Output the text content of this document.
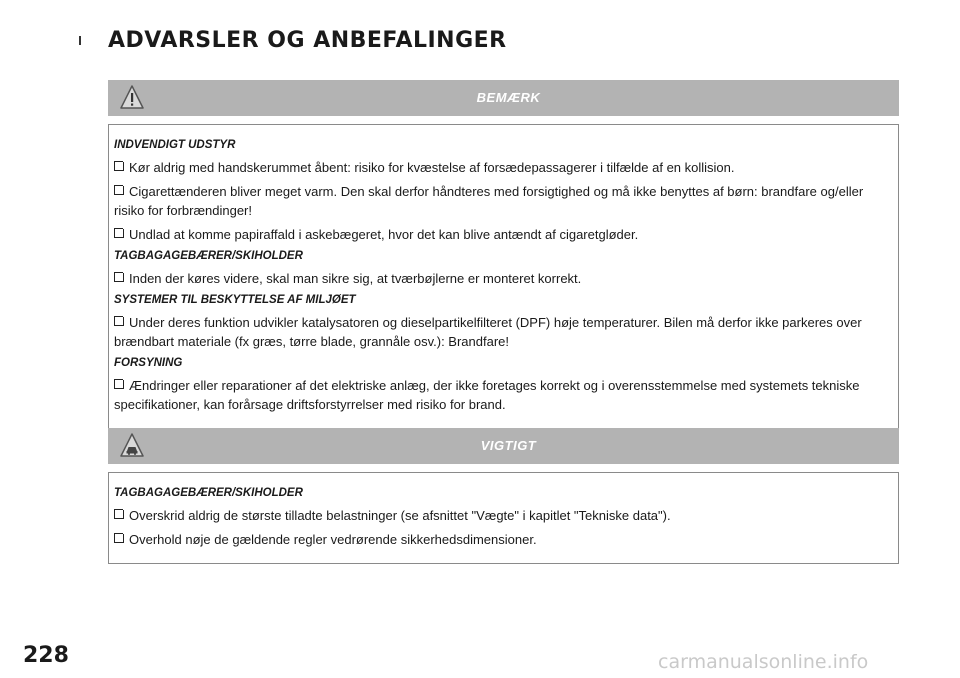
ADVARSLER OG ANBEFALINGER
BEMÆRK

INDVENDIGT UDSTYR

Kør aldrig med handskerummet åbent: risiko for kvæstelse af forsædepassagerer i tilfælde af en kollision.
Cigarettænderen bliver meget varm. Den skal derfor håndteres med forsigtighed og må ikke benyttes af børn: brandfare og/eller risiko for forbrændinger!
Undlad at komme papiraffald i askebægeret, hvor det kan blive antændt af cigaretgløder.

TAGBAGAGEBÆRER/SKIHOLDER

Inden der køres videre, skal man sikre sig, at tværbøjlerne er monteret korrekt.

SYSTEMER TIL BESKYTTELSE AF MILJØET

Under deres funktion udvikler katalysatoren og dieselpartikelfilteret (DPF) høje temperaturer. Bilen må derfor ikke parkeres over brændbart materiale (fx græs, tørre blade, grannåle osv.): Brandfare!

FORSYNING

Ændringer eller reparationer af det elektriske anlæg, der ikke foretages korrekt og i overensstemmelse med systemets tekniske specifikationer, kan forårsage driftsforstyrrelser med risiko for brand.
VIGTIGT

TAGBAGAGEBÆRER/SKIHOLDER

Overskrid aldrig de største tilladte belastninger (se afsnittet "Vægte" i kapitlet "Tekniske data").
Overhold nøje de gældende regler vedrørende sikkerhedsdimensioner.
228	carmanualsonline.info
